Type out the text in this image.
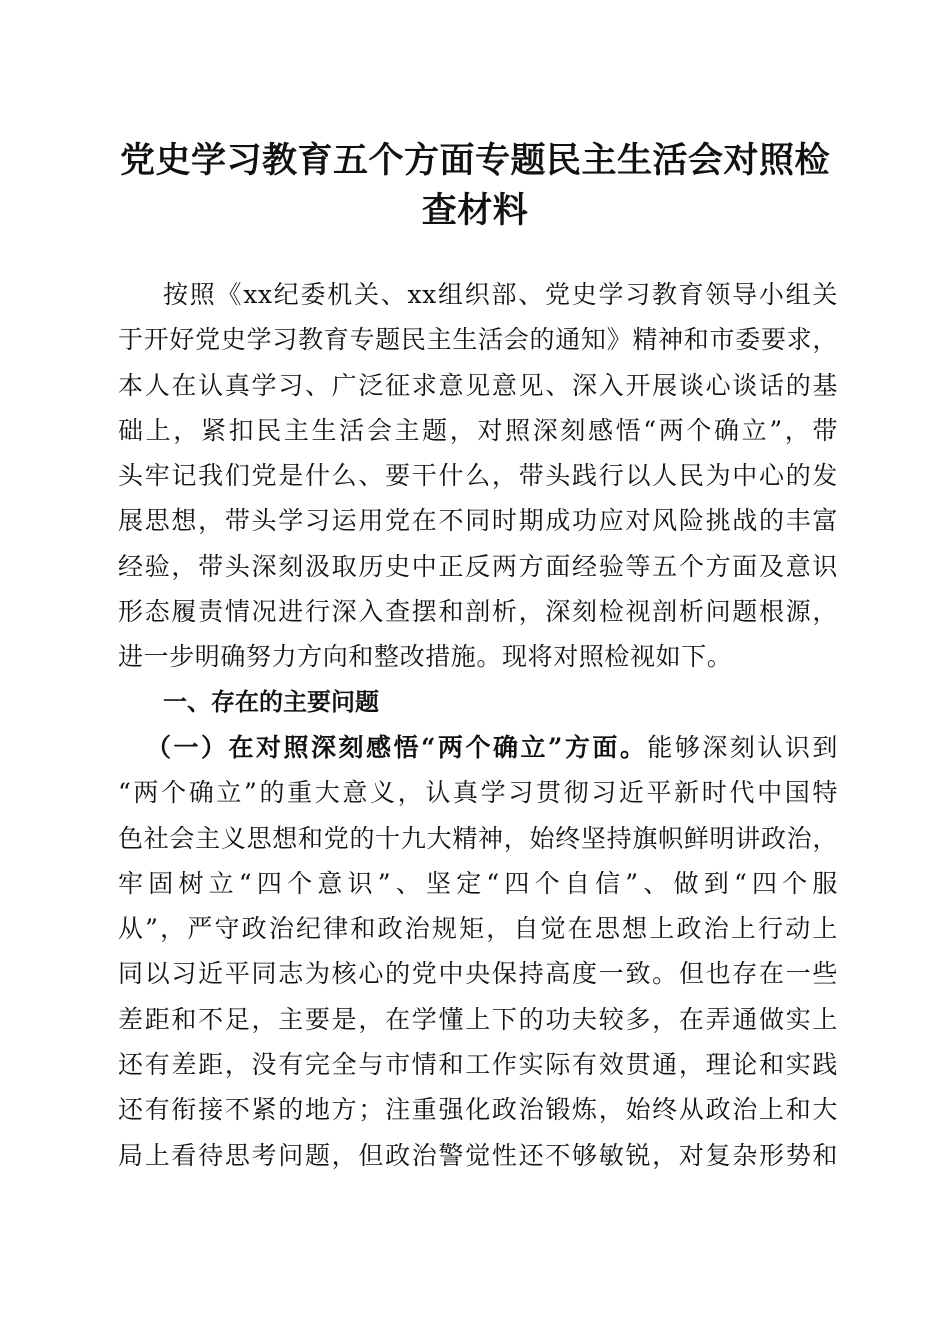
党史学习教育五个方面专题民主生活会对照检
查材料
按照《xx纪委机关、xx组织部、党史学习教育领导小组关
于开好党史学习教育专题民主生活会的通知》精神和市委要求，
本人在认真学习、广泛征求意见意见、深入开展谈心谈话的基
础上，紧扣民主生活会主题，对照深刻感悟“两个确立”，带
头牢记我们党是什么、要干什么，带头践行以人民为中心的发
展思想，带头学习运用党在不同时期成功应对风险挑战的丰富
经验，带头深刻汲取历史中正反两方面经验等五个方面及意识
形态履责情况进行深入查摆和剖析，深刻检视剖析问题根源，
进一步明确努力方向和整改措施。现将对照检视如下。
一、存在的主要问题
（一）在对照深刻感悟“两个确立”方面。能够深刻认识到
“两个确立”的重大意义，认真学习贯彻习近平新时代中国特
色社会主义思想和党的十九大精神，始终坚持旗帜鲜明讲政治，
牢固树立“四个意识”、坚定“四个自信”、做到“四个服
从”，严守政治纪律和政治规矩，自觉在思想上政治上行动上
同以习近平同志为核心的党中央保持高度一致。但也存在一些
差距和不足，主要是，在学懂上下的功夫较多，在弄通做实上
还有差距，没有完全与市情和工作实际有效贯通，理论和实践
还有衔接不紧的地方；注重强化政治锻炼，始终从政治上和大
局上看待思考问题，但政治警觉性还不够敏锐，对复杂形势和
